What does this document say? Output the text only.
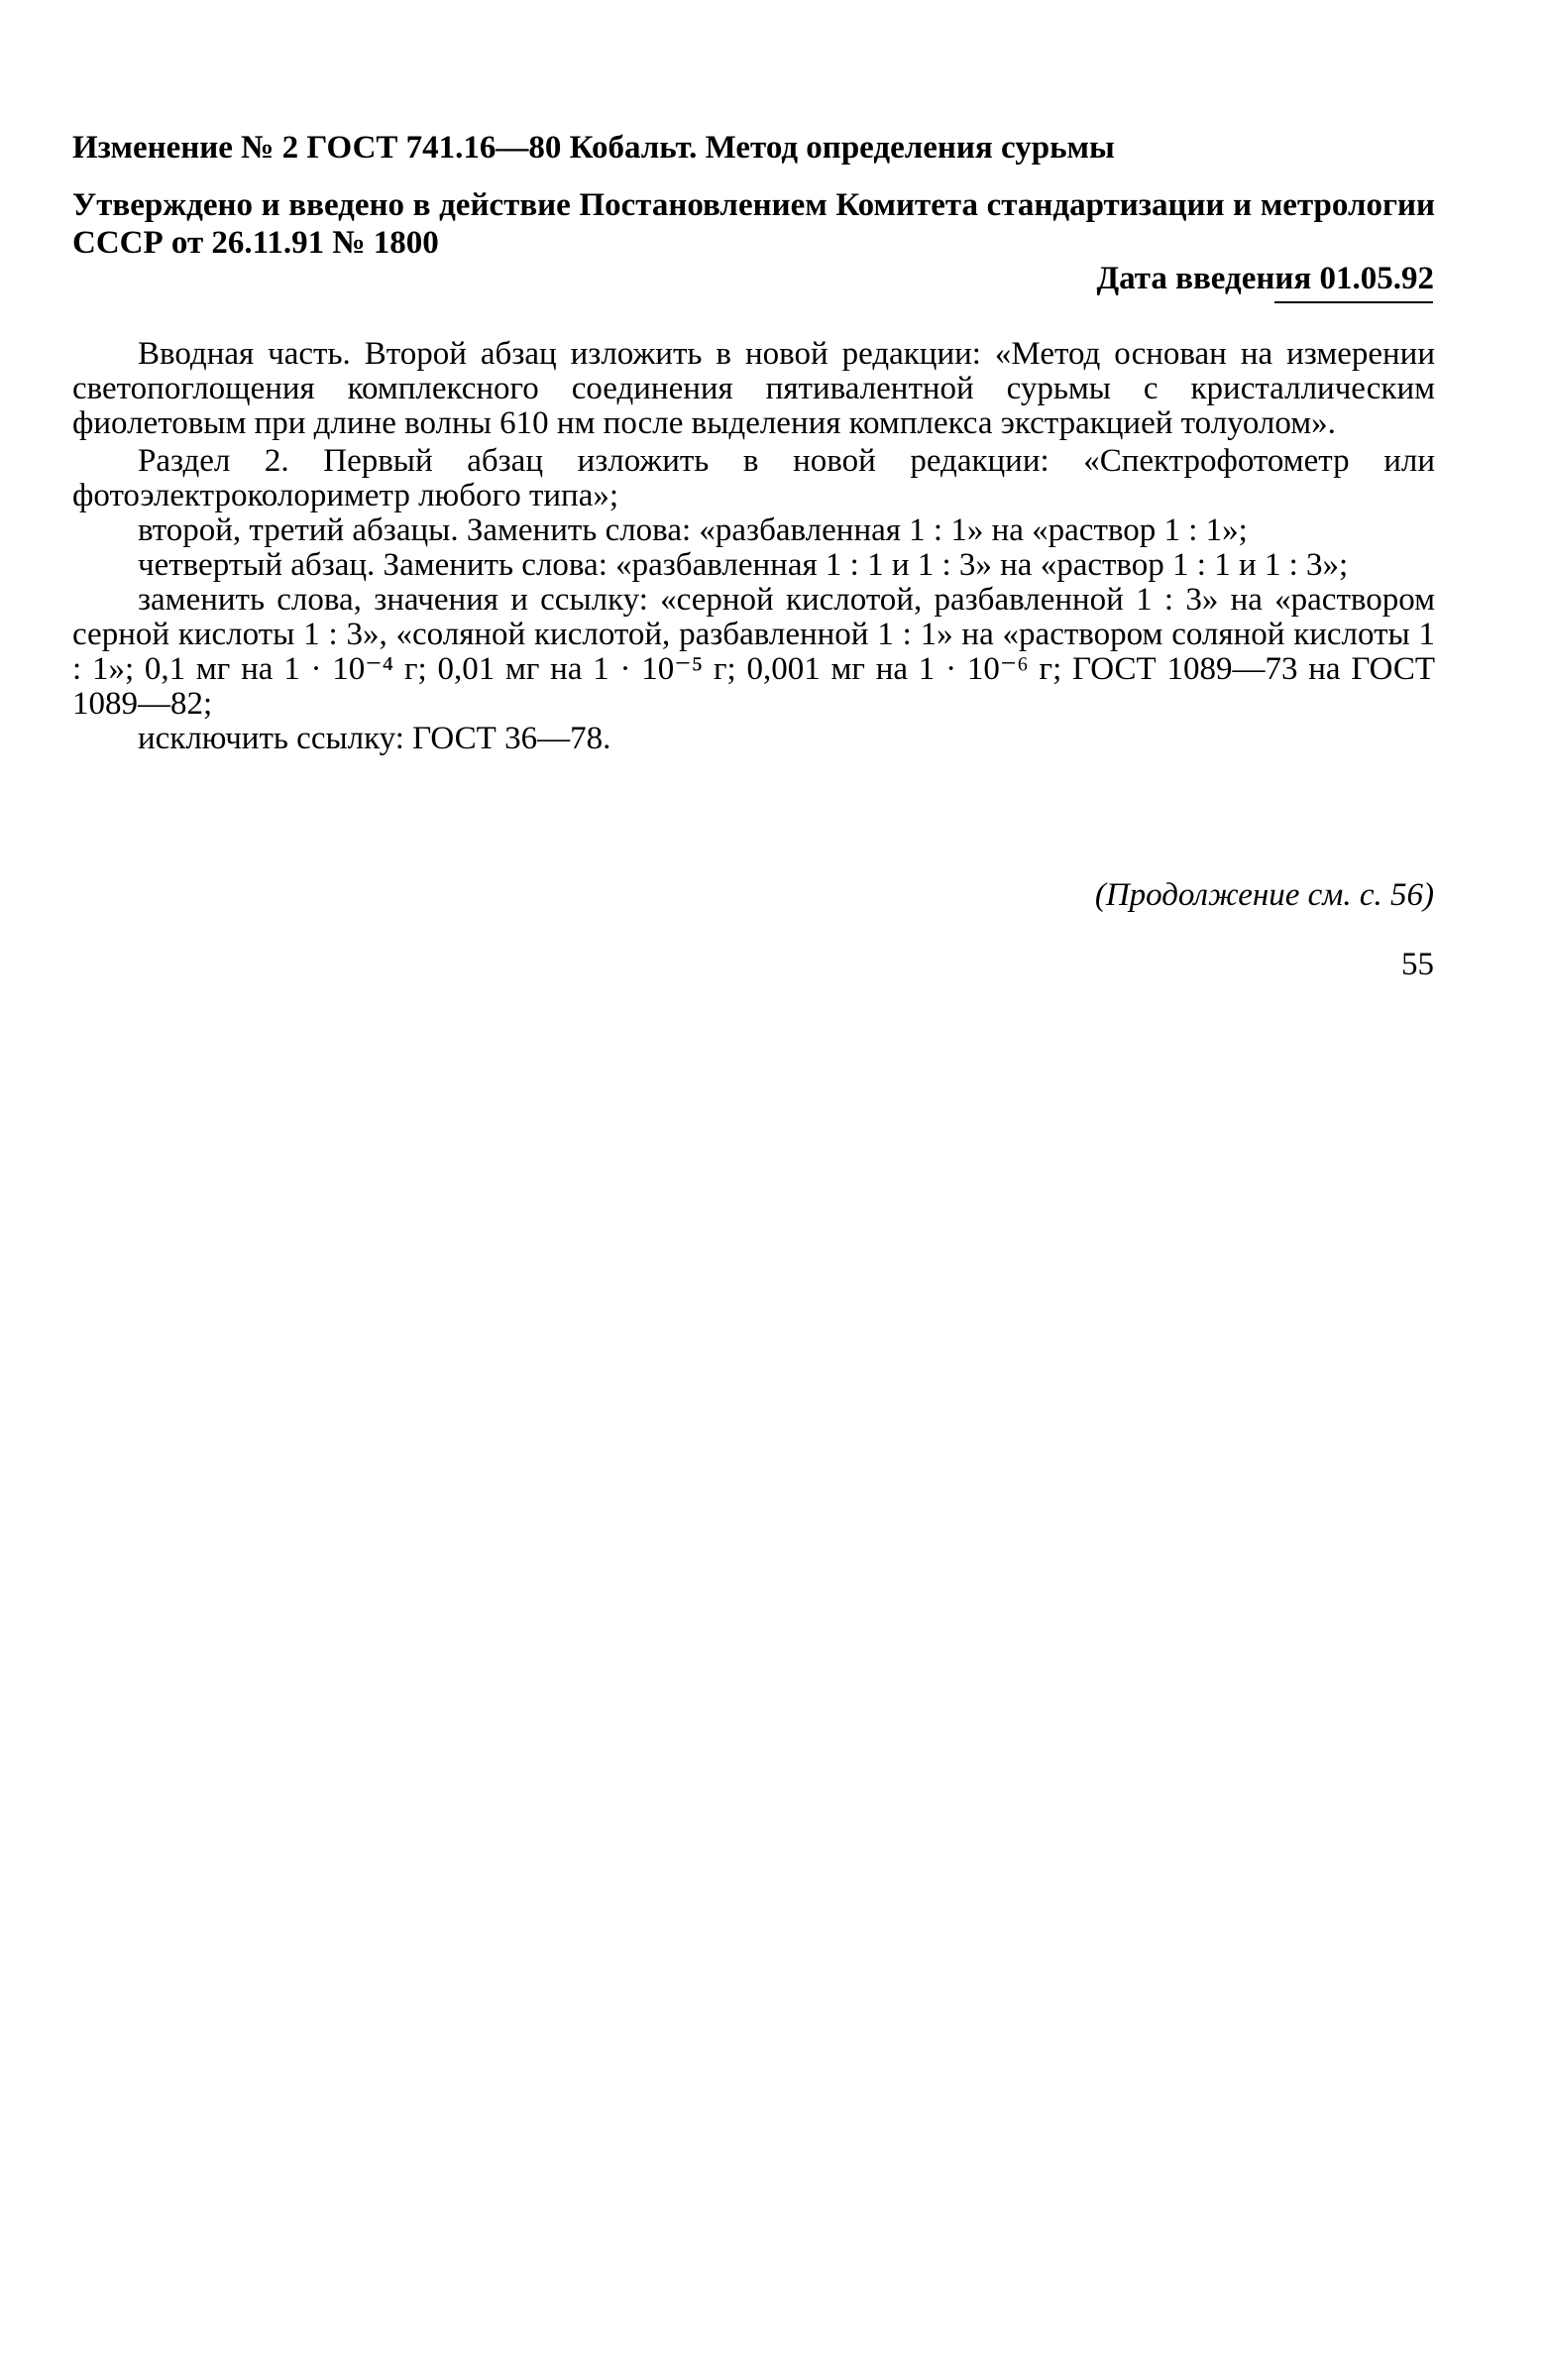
Изменение № 2 ГОСТ 741.16—80 Кобальт. Метод определения сурьмы
Утверждено и введено в действие Постановлением Комитета стандартизации и метрологии СССР от 26.11.91 № 1800
Дата введения 01.05.92

Вводная часть. Второй абзац изложить в новой редакции: «Метод основан на измерении светопоглощения комплексного соединения пятивалентной сурьмы с кристаллическим фиолетовым при длине волны 610 нм после выделения комплекса экстракцией толуолом».

Раздел 2. Первый абзац изложить в новой редакции: «Спектрофотометр или фотоэлектроколориметр любого типа»;

второй, третий абзацы. Заменить слова: «разбавленная 1 : 1» на «раствор 1 : 1»;

четвертый абзац. Заменить слова: «разбавленная 1 : 1 и 1 : 3» на «раствор 1 : 1 и 1 : 3»;

заменить слова, значения и ссылку: «серной кислотой, разбавленной 1 : 3» на «раствором серной кислоты 1 : 3», «соляной кислотой, разбавленной 1 : 1» на «раствором соляной кислоты 1 : 1»; 0,1 мг на 1 · 10⁻⁴ г; 0,01 мг на 1 · 10⁻⁵ г; 0,001 мг на 1 · 10⁻⁶ г; ГОСТ 1089—73 на ГОСТ 1089—82;

исключить ссылку: ГОСТ 36—78.

(Продолжение см. с. 56)
55
